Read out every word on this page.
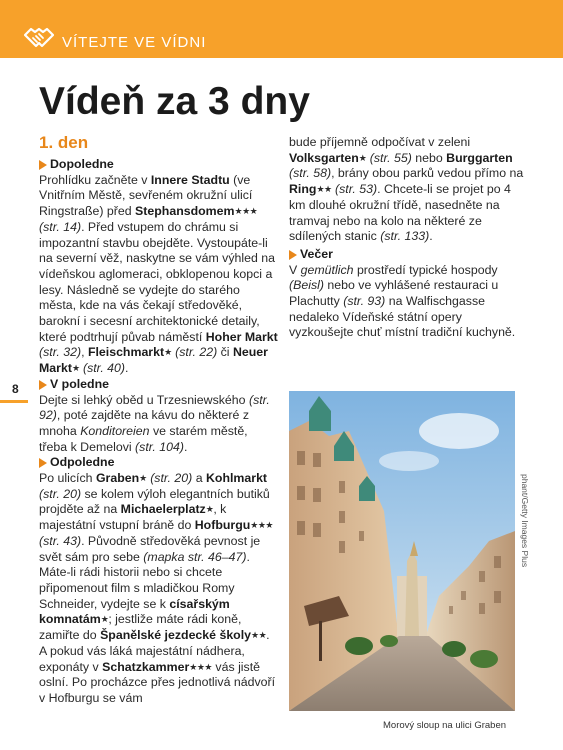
VÍTEJTE VE VÍDNI
Vídeň za 3 dny
8
1. den
Dopoledne

Prohlídku začněte v Innere Stadtu (ve Vnitřním Městě, sevřeném okružní ulicí Ringstraße) před Stephansdomem★★★ (str. 14). Před vstupem do chrámu si impozantní stavbu obejděte. Vystoupáte-li na severní věž, naskytne se vám výhled na vídeňskou aglomeraci, obklopenou kopci a lesy. Následně se vydejte do starého města, kde na vás čekají středověké, barokní i secesní architektonické detaily, které podtrhují půvab náměstí Hoher Markt (str. 32), Fleischmarkt★ (str. 22) či Neuer Markt★ (str. 40).

V poledne

Dejte si lehký oběd u Trzesniewského (str. 92), poté zajděte na kávu do některé z mnoha Konditoreien ve starém městě, třeba k Demelovi (str. 104).

Odpoledne

Po ulicích Graben★ (str. 20) a Kohlmarkt (str. 20) se kolem výloh elegantních butiků projděte až na Michaelerplatz★, k majestátní vstupní bráně do Hofburgu★★★ (str. 43). Původně středověká pevnost je svět sám pro sebe (mapka str. 46–47). Máte-li rádi historii nebo si chcete připomenout film s mladičkou Romy Schneider, vydejte se k císařským komnatám★; jestliže máte rádi koně, zamiřte do Španělské jezdecké školy★★. A pokud vás láká majestátní nádhera, exponáty v Schatzkammer★★★ vás jistě oslní. Po procházce přes jednotlivá nádvoří v Hofburgu se vám

bude příjemně odpočívat v zeleni Volksgarten★ (str. 55) nebo Burggarten (str. 58), brány obou parků vedou přímo na Ring★★ (str. 53). Chcete-li se projet po 4 km dlouhé okružní třídě, nasedněte na tramvaj nebo na kolo na některé ze sdílených stanic (str. 133).

Večer

V gemütlich prostředí typické hospody (Beisl) nebo ve vyhlášené restauraci u Plachutty (str. 93) na Walfischgasse nedaleko Vídeňské státní opery vyzkoušejte chuť místní tradiční kuchyně.

phant/Getty Images Plus
Morový sloup na ulici Graben
